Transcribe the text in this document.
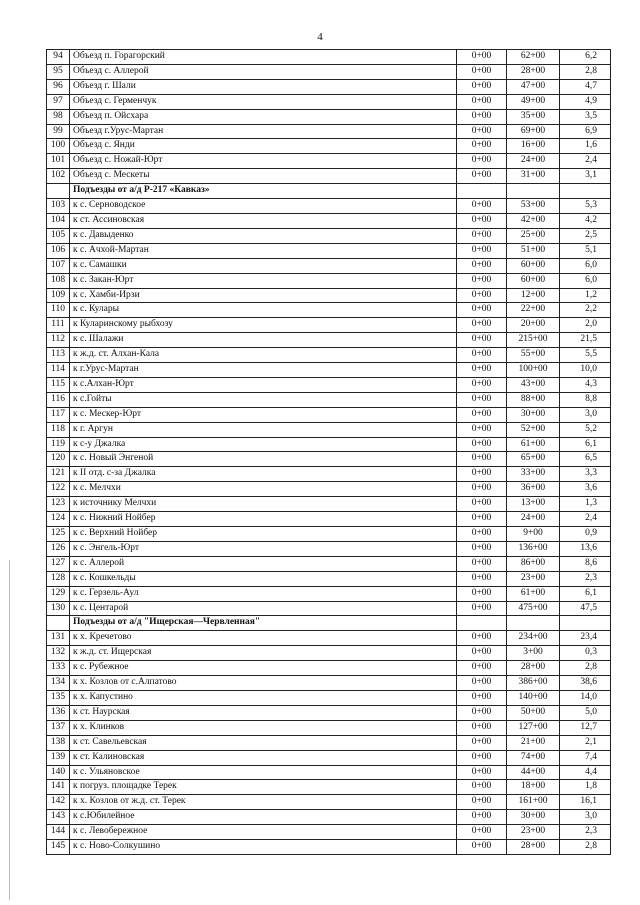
4
94	Объезд п. Горагорский	0+00	62+00	6,2
95	Объезд с. Аллерой	0+00	28+00	2,8
96	Объезд г. Шали	0+00	47+00	4,7
97	Объезд с. Герменчук	0+00	49+00	4,9
98	Объезд п. Ойсхара	0+00	35+00	3,5
99	Объезд г.Урус-Мартан	0+00	69+00	6,9
100	Объезд с. Янди	0+00	16+00	1,6
101	Объезд с. Ножай-Юрт	0+00	24+00	2,4
102	Объезд с. Мескеты	0+00	31+00	3,1
	Подъезды от а/д Р-217 «Кавказ»			
103	к с. Серноводское	0+00	53+00	5,3
104	к ст. Ассиновская	0+00	42+00	4,2
105	к с. Давыденко	0+00	25+00	2,5
106	к с. Ачхой-Мартан	0+00	51+00	5,1
107	к с. Самашки	0+00	60+00	6,0
108	к с. Закан-Юрт	0+00	60+00	6,0
109	к с. Хамби-Ирзи	0+00	12+00	1,2
110	к с. Кулары	0+00	22+00	2,2
111	к Куларинскому рыбхозу	0+00	20+00	2,0
112	к с. Шалажи	0+00	215+00	21,5
113	к ж.д. ст. Алхан-Кала	0+00	55+00	5,5
114	к г.Урус-Мартан	0+00	100+00	10,0
115	к с.Алхан-Юрт	0+00	43+00	4,3
116	к с.Гойты	0+00	88+00	8,8
117	к с. Мескер-Юрт	0+00	30+00	3,0
118	к г. Аргун	0+00	52+00	5,2
119	к с-у Джалка	0+00	61+00	6,1
120	к с. Новый Энгеной	0+00	65+00	6,5
121	к II отд. с-за Джалка	0+00	33+00	3,3
122	к с. Мелчхи	0+00	36+00	3,6
123	к источнику Мелчхи	0+00	13+00	1,3
124	к с. Нижний Нойбер	0+00	24+00	2,4
125	к с. Верхний Нойбер	0+00	9+00	0,9
126	к с. Энгель-Юрт	0+00	136+00	13,6
127	к с. Аллерой	0+00	86+00	8,6
128	к с. Кошкельды	0+00	23+00	2,3
129	к с. Герзель-Аул	0+00	61+00	6,1
130	к с. Центарой	0+00	475+00	47,5
	Подъезды от а/д "Ищерская—Червленная"			
131	к х. Кречетово	0+00	234+00	23,4
132	к ж.д. ст. Ищерская	0+00	3+00	0,3
133	к с. Рубежное	0+00	28+00	2,8
134	к х. Козлов от с.Алпатово	0+00	386+00	38,6
135	к х. Капустино	0+00	140+00	14,0
136	к ст. Наурская	0+00	50+00	5,0
137	к х. Клинков	0+00	127+00	12,7
138	к ст. Савельевская	0+00	21+00	2,1
139	к ст. Калиновская	0+00	74+00	7,4
140	к с. Ульяновское	0+00	44+00	4,4
141	к погруз. площадке Терек	0+00	18+00	1,8
142	к х. Козлов от ж.д. ст. Терек	0+00	161+00	16,1
143	к с.Юбилейное	0+00	30+00	3,0
144	к с. Левобережное	0+00	23+00	2,3
145	к с. Ново-Солкушино	0+00	28+00	2,8
